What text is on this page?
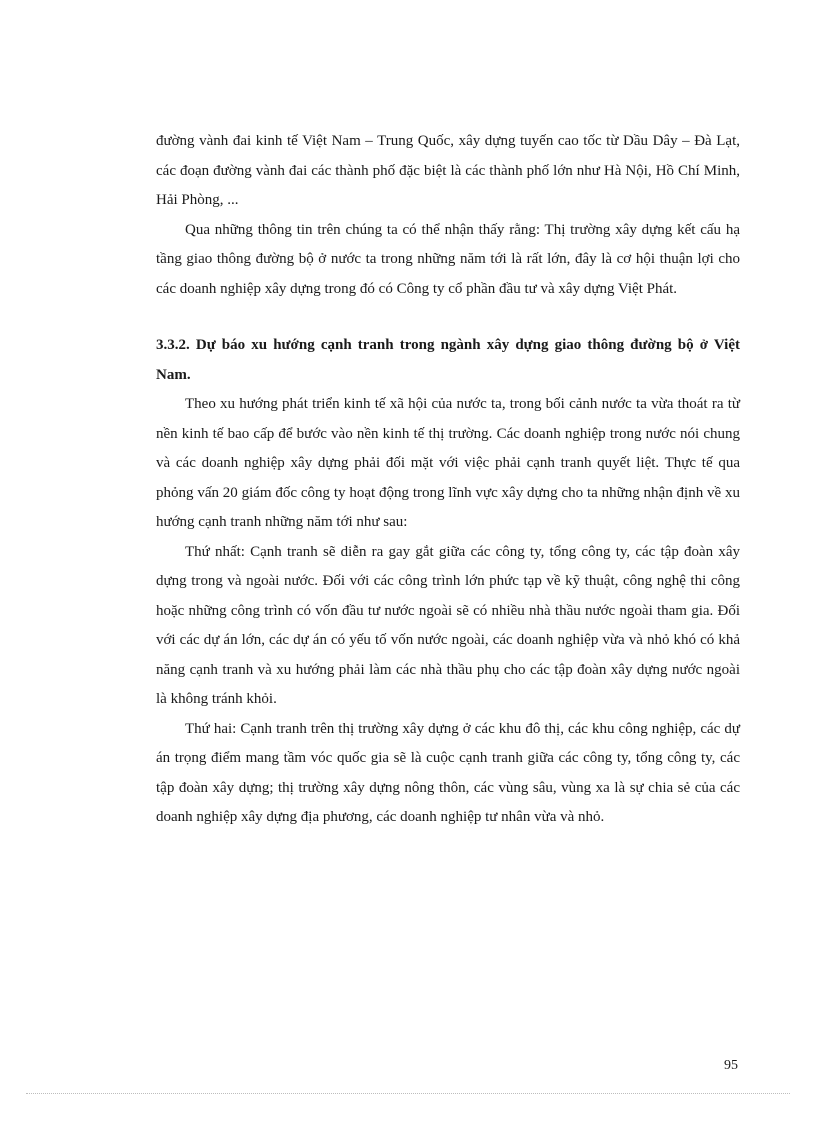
đường vành đai kinh tế Việt Nam – Trung Quốc, xây dựng tuyến cao tốc từ Dầu Dây – Đà Lạt, các đoạn đường vành đai các thành phố đặc biệt là các thành phố lớn như Hà Nội, Hồ Chí Minh, Hải Phòng, ...

Qua những thông tin trên chúng ta có thể nhận thấy rằng: Thị trường xây dựng kết cấu hạ tầng giao thông đường bộ ở nước ta trong những năm tới là rất lớn, đây là cơ hội thuận lợi cho các doanh nghiệp xây dựng trong đó có Công ty cổ phần đầu tư và xây dựng Việt Phát.

3.3.2. Dự báo xu hướng cạnh tranh trong ngành xây dựng giao thông đường bộ ở Việt Nam.

Theo xu hướng phát triển kinh tế xã hội của nước ta, trong bối cảnh nước ta vừa thoát ra từ nền kinh tế bao cấp để bước vào nền kinh tế thị trường. Các doanh nghiệp trong nước nói chung và các doanh nghiệp xây dựng phải đối mặt với việc phải cạnh tranh quyết liệt. Thực tế qua phỏng vấn 20 giám đốc công ty hoạt động trong lĩnh vực xây dựng cho ta những nhận định về xu hướng cạnh tranh những năm tới như sau:

Thứ nhất: Cạnh tranh sẽ diễn ra gay gắt giữa các công ty, tổng công ty, các tập đoàn xây dựng trong và ngoài nước. Đối với các công trình lớn phức tạp về kỹ thuật, công nghệ thi công hoặc những công trình có vốn đầu tư nước ngoài sẽ có nhiều nhà thầu nước ngoài tham gia. Đối với các dự án lớn, các dự án có yếu tố vốn nước ngoài, các doanh nghiệp vừa và nhỏ khó có khả năng cạnh tranh và xu hướng phải làm các nhà thầu phụ cho các tập đoàn xây dựng nước ngoài là không tránh khỏi.

Thứ hai: Cạnh tranh trên thị trường xây dựng ở các khu đô thị, các khu công nghiệp, các dự án trọng điểm mang tầm vóc quốc gia sẽ là cuộc cạnh tranh giữa các công ty, tổng công ty, các tập đoàn xây dựng; thị trường xây dựng nông thôn, các vùng sâu, vùng xa là sự chia sẻ của các doanh nghiệp xây dựng địa phương, các doanh nghiệp tư nhân vừa và nhỏ.

95
